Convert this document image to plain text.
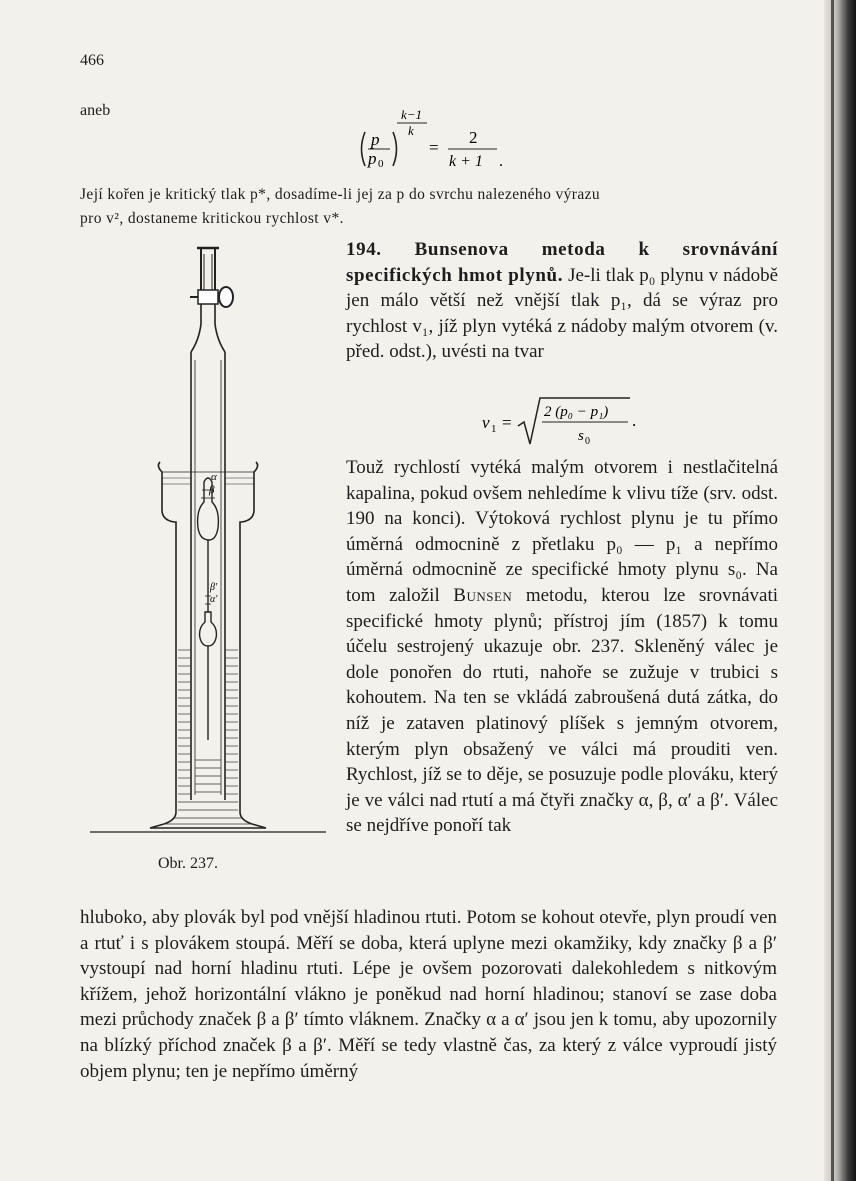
466
aneb	k−1
k
p
p 0
=
2
k + 1 .

Její kořen je kritický tlak p*, dosadíme-li jej za p do svrchu nalezeného výrazu

pro v², dostaneme kritickou rychlost v*.

α
β
β′
α′
Obr. 237.

194. Bunsenova metoda k srovnávání specifických hmot plynů. Je-li tlak p₀ plynu v nádobě jen málo větší než vnější tlak p₁, dá se výraz pro rychlost v₁, jíž plyn vytéká z nádoby malým otvorem (v. před. odst.), uvésti na tvar

v 1 =
2 (p₀ − p₁)
s 0
.

Touž rychlostí vytéká malým otvorem i nestlačitelná kapalina, pokud ovšem nehledíme k vlivu tíže (srv. odst. 190 na konci). Výtoková rychlost plynu je tu přímo úměrná odmocnině z přetlaku p₀ — p₁ a nepřímo úměrná odmocnině ze specifické hmoty plynu s₀. Na tom založil Bunsen metodu, kterou lze srovnávati specifické hmoty plynů; přístroj jím (1857) k tomu účelu sestrojený ukazuje obr. 237. Skleněný válec je dole ponořen do rtuti, nahoře se zužuje v trubici s kohoutem. Na ten se vkládá zabroušená dutá zátka, do níž je zataven platinový plíšek s jemným otvorem, kterým plyn obsažený ve válci má prouditi ven. Rychlost, jíž se to děje, se posuzuje podle plováku, který je ve válci nad rtutí a má čtyři značky α, β, α′ a β′. Válec se nejdříve ponoří tak

hluboko, aby plovák byl pod vnější hladinou rtuti. Potom se kohout otevře, plyn proudí ven a rtuť i s plovákem stoupá. Měří se doba, která uplyne mezi okamžiky, kdy značky β a β′ vystoupí nad horní hladinu rtuti. Lépe je ovšem pozorovati dalekohledem s nitkovým křížem, jehož horizontální vlákno je poněkud nad horní hladinou; stanoví se zase doba mezi průchody značek β a β′ tímto vláknem. Značky α a α′ jsou jen k tomu, aby upozornily na blízký příchod značek β a β′. Měří se tedy vlastně čas, za který z válce vyproudí jistý objem plynu; ten je nepřímo úměrný
